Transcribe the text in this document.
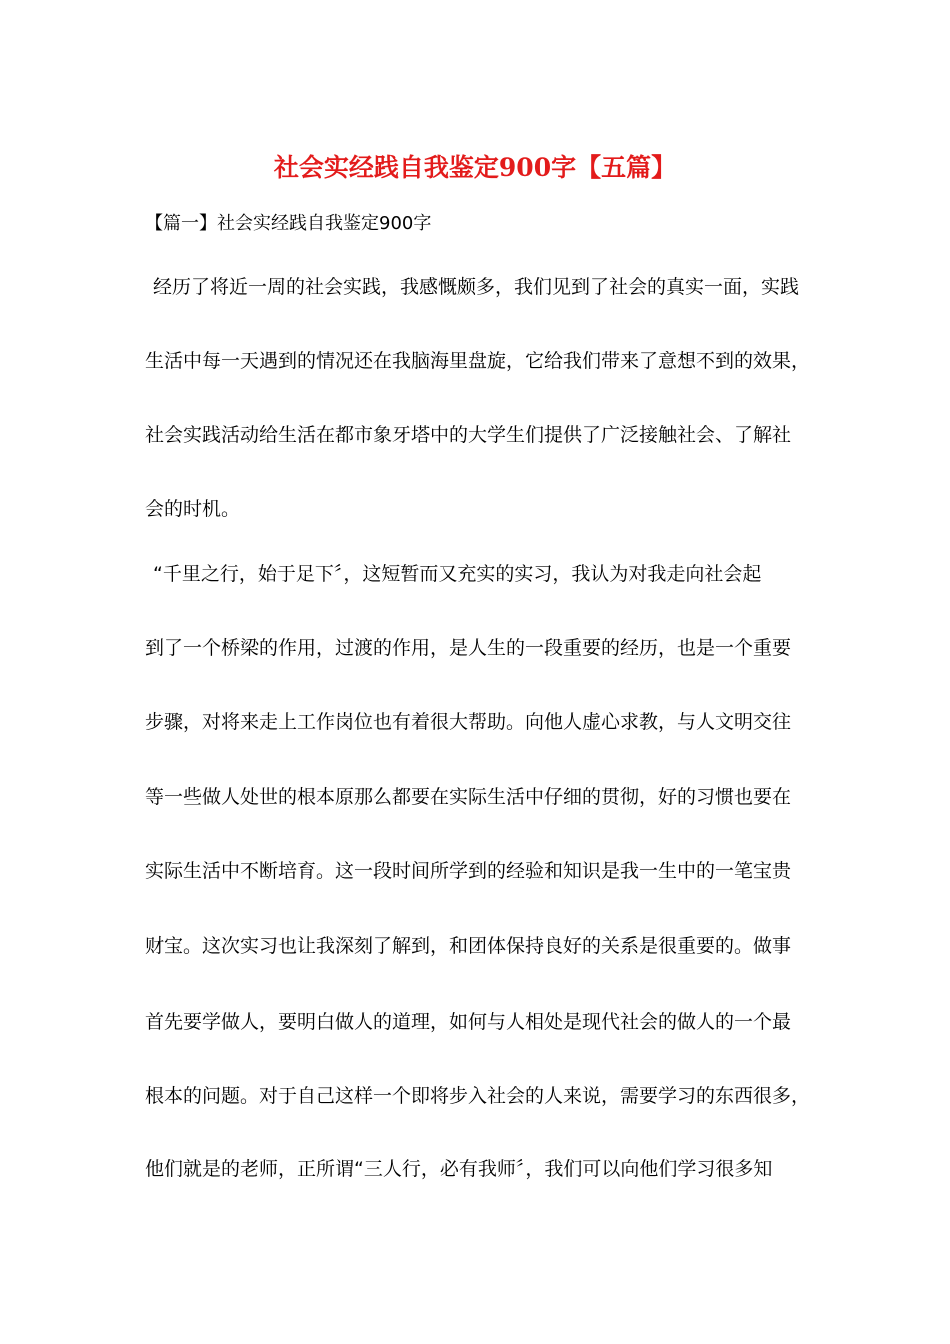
社会实经践自我鉴定900字【五篇】
【篇一】社会实经践自我鉴定900字

经历了将近一周的社会实践，我感慨颇多，我们见到了社会的真实一面，实践

生活中每一天遇到的情况还在我脑海里盘旋，它给我们带来了意想不到的效果，

社会实践活动给生活在都市象牙塔中的大学生们提供了广泛接触社会、了解社

会的时机。

“千里之行，始于足下〞，这短暂而又充实的实习，我认为对我走向社会起

到了一个桥梁的作用，过渡的作用，是人生的一段重要的经历，也是一个重要

步骤，对将来走上工作岗位也有着很大帮助。向他人虚心求教，与人文明交往

等一些做人处世的根本原那么都要在实际生活中仔细的贯彻，好的习惯也要在

实际生活中不断培育。这一段时间所学到的经验和知识是我一生中的一笔宝贵

财宝。这次实习也让我深刻了解到，和团体保持良好的关系是很重要的。做事

首先要学做人，要明白做人的道理，如何与人相处是现代社会的做人的一个最

根本的问题。对于自己这样一个即将步入社会的人来说，需要学习的东西很多，

他们就是的老师，正所谓“三人行，必有我师〞，我们可以向他们学习很多知
